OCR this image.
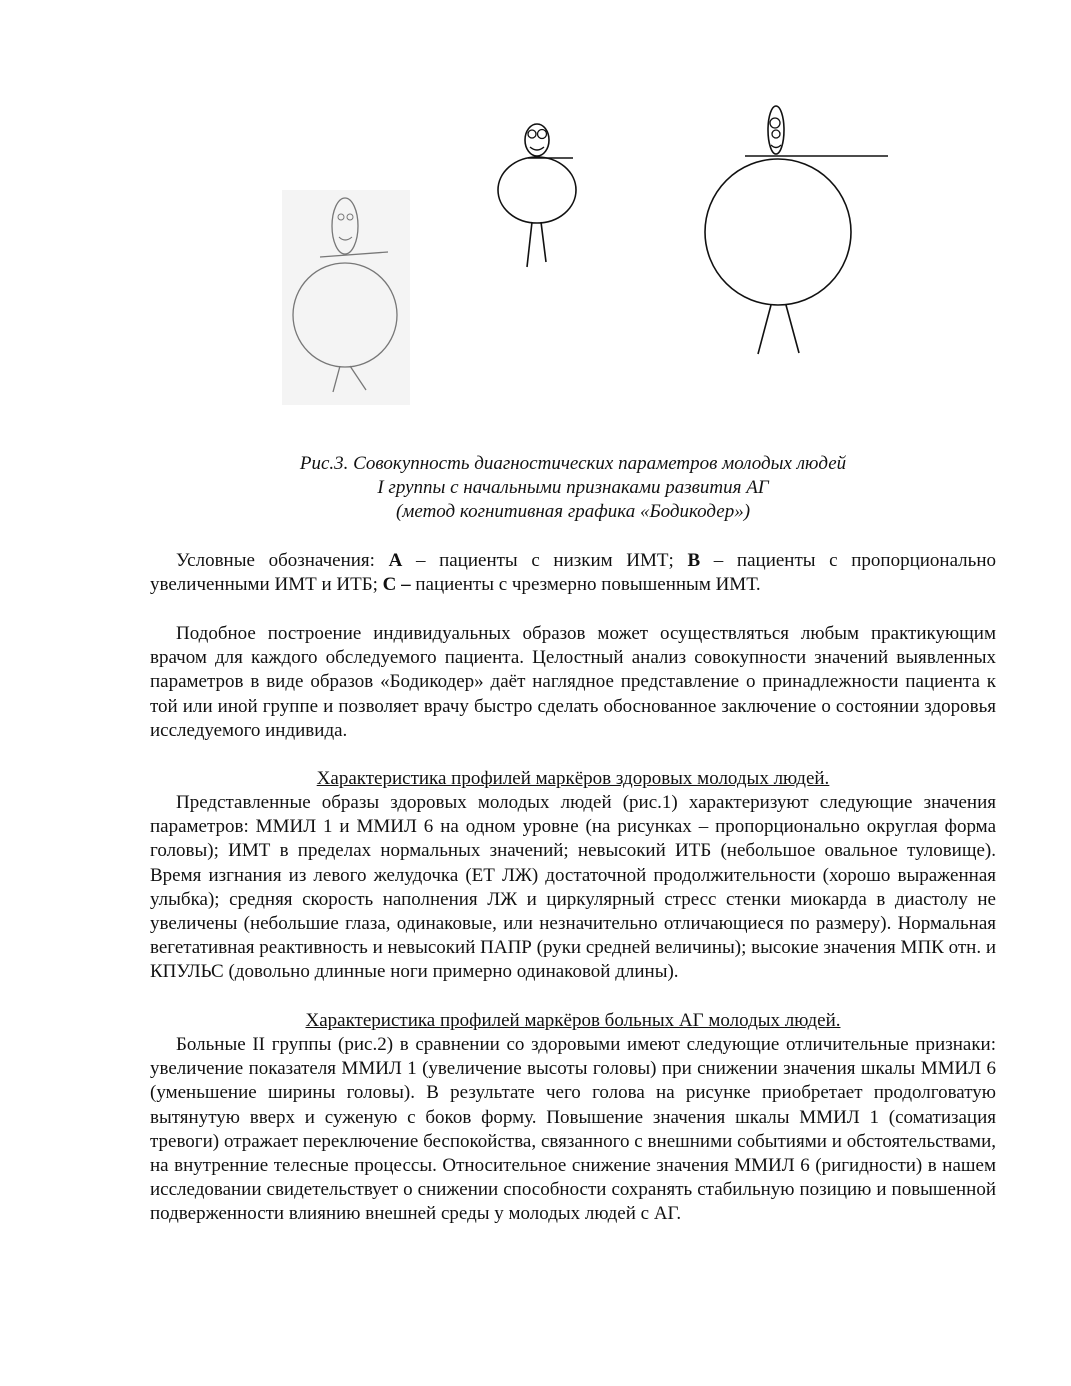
Рис.3. Совокупность диагностических параметров молодых людей
I группы с начальными признаками развития АГ
(метод когнитивная графика «Бодикодер»)

Условные обозначения: А – пациенты с низким ИМТ; В – пациенты с пропорционально увеличенными ИМТ и ИТБ; С – пациенты с чрезмерно повышенным ИМТ.

Подобное построение индивидуальных образов может осуществляться любым практикующим врачом для каждого обследуемого пациента. Целостный анализ совокупности значений выявленных параметров в виде образов «Бодикодер» даёт наглядное представление о принадлежности пациента к той или иной группе и позволяет врачу быстро сделать обоснованное заключение о состоянии здоровья исследуемого индивида.

Характеристика профилей маркёров здоровых молодых людей.

Представленные образы здоровых молодых людей (рис.1) характеризуют следующие значения параметров: ММИЛ 1 и ММИЛ 6 на одном уровне (на рисунках – пропорционально округлая форма головы); ИМТ в пределах нормальных значений; невысокий ИТБ (небольшое овальное туловище). Время изгнания из левого желудочка (ЕТ ЛЖ) достаточной продолжительности (хорошо выраженная улыбка); средняя скорость наполнения ЛЖ и циркулярный стресс стенки миокарда в диастолу не увеличены (небольшие глаза, одинаковые, или незначительно отличающиеся по размеру). Нормальная вегетативная реактивность и невысокий ПАПР (руки средней величины); высокие значения МПК отн. и КПУЛЬС (довольно длинные ноги примерно одинаковой длины).

Характеристика профилей маркёров больных АГ молодых людей.

Больные II группы (рис.2) в сравнении со здоровыми имеют следующие отличительные признаки: увеличение показателя ММИЛ 1 (увеличение высоты головы) при снижении значения шкалы ММИЛ 6 (уменьшение ширины головы). В результате чего голова на рисунке приобретает продолговатую вытянутую вверх и суженую с боков форму. Повышение значения шкалы ММИЛ 1 (соматизация тревоги) отражает переключение беспокойства, связанного с внешними событиями и обстоятельствами, на внутренние телесные процессы. Относительное снижение значения ММИЛ 6 (ригидности) в нашем исследовании свидетельствует о снижении способности сохранять стабильную позицию и повышенной подверженности влиянию внешней среды у молодых людей с АГ.
